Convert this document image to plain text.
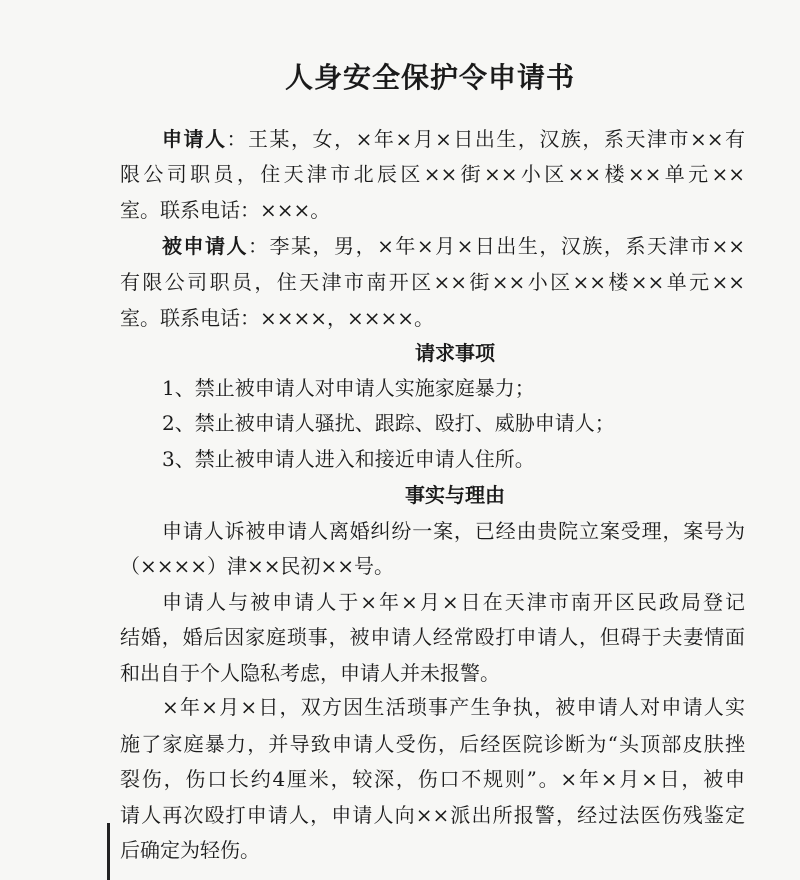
人身安全保护令申请书
申请人：王某，女，×年×月×日出生，汉族，系天津市××有
限公司职员，住天津市北辰区××街××小区××楼××单元××
室。联系电话：×××。
被申请人：李某，男，×年×月×日出生，汉族，系天津市××
有限公司职员，住天津市南开区××街××小区××楼××单元××
室。联系电话：××××，××××。
请求事项
1、禁止被申请人对申请人实施家庭暴力；
2、禁止被申请人骚扰、跟踪、殴打、威胁申请人；
3、禁止被申请人进入和接近申请人住所。
事实与理由
申请人诉被申请人离婚纠纷一案，已经由贵院立案受理，案号为
（××××）津××民初××号。
申请人与被申请人于×年×月×日在天津市南开区民政局登记
结婚，婚后因家庭琐事，被申请人经常殴打申请人，但碍于夫妻情面
和出自于个人隐私考虑，申请人并未报警。
×年×月×日，双方因生活琐事产生争执，被申请人对申请人实
施了家庭暴力，并导致申请人受伤，后经医院诊断为“头顶部皮肤挫
裂伤，伤口长约4厘米，较深，伤口不规则”。×年×月×日，被申
请人再次殴打申请人，申请人向××派出所报警，经过法医伤残鉴定
后确定为轻伤。
